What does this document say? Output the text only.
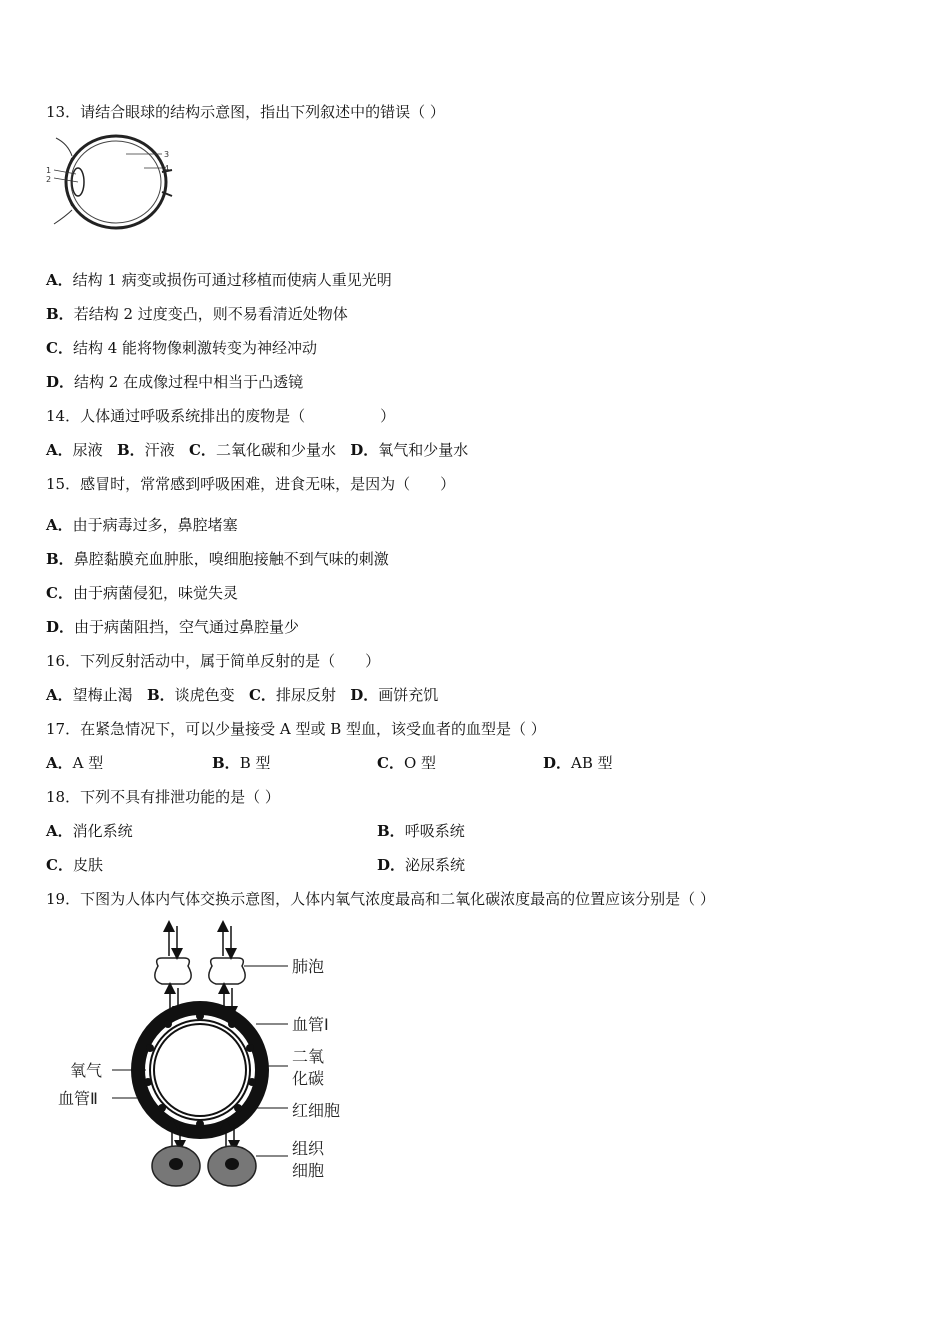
13．请结合眼球的结构示意图，指出下列叙述中的错误（ ）
1
2
3
4
A．结构 1 病变或损伤可通过移植而使病人重见光明
B．若结构 2 过度变凸，则不易看清近处物体
C．结构 4 能将物像刺激转变为神经冲动
D．结构 2 在成像过程中相当于凸透镜
14．人体通过呼吸系统排出的废物是（　　　　　）
A．尿液 B．汗液 C．二氧化碳和少量水 D．氧气和少量水
15．感冒时，常常感到呼吸困难，进食无味，是因为（　　）
A．由于病毒过多，鼻腔堵塞
B．鼻腔黏膜充血肿胀，嗅细胞接触不到气味的刺激
C．由于病菌侵犯，味觉失灵
D．由于病菌阻挡，空气通过鼻腔量少
16．下列反射活动中，属于简单反射的是（　　）
A．望梅止渴 B．谈虎色变 C．排尿反射 D．画饼充饥
17．在紧急情况下，可以少量接受 A 型或 B 型血，该受血者的血型是（ ）
A．A 型	B．B 型	C．O 型	D．AB 型
18．下列不具有排泄功能的是（ ）
A．消化系统	B．呼吸系统
C．皮肤	D．泌尿系统
19．下图为人体内气体交换示意图，人体内氧气浓度最高和二氧化碳浓度最高的位置应该分别是（ ）
肺泡
血管Ⅰ
二氧
化碳
红细胞
组织
细胞
氧气
血管Ⅱ
